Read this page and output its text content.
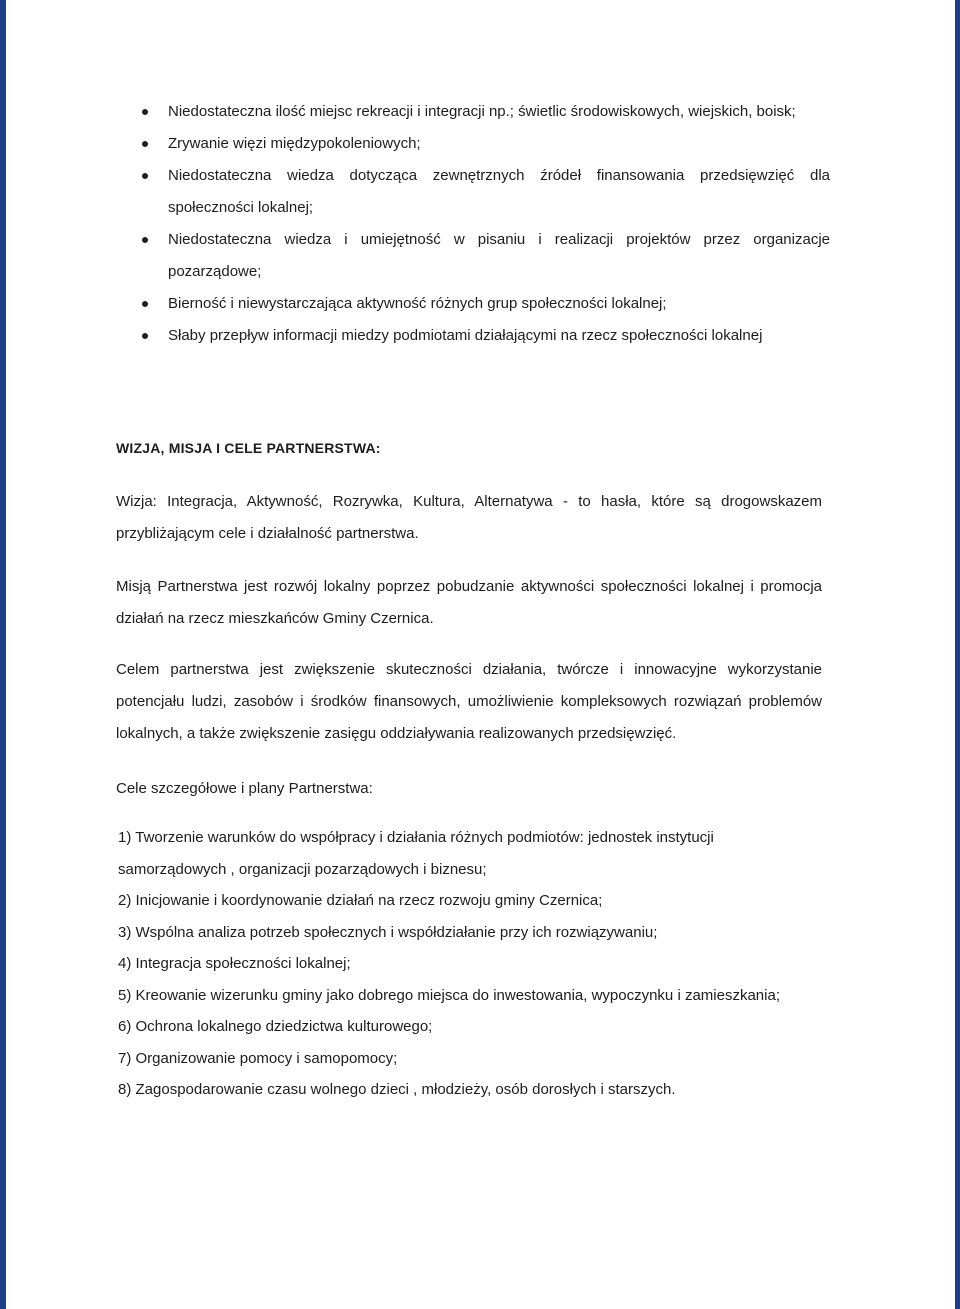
Niedostateczna ilość miejsc rekreacji i integracji np.; świetlic środowiskowych, wiejskich, boisk;
Zrywanie więzi międzypokoleniowych;
Niedostateczna wiedza dotycząca zewnętrznych źródeł finansowania przedsięwzięć dla społeczności lokalnej;
Niedostateczna wiedza i umiejętność w pisaniu i realizacji projektów przez organizacje pozarządowe;
Bierność i niewystarczająca aktywność różnych grup społeczności lokalnej;
Słaby przepływ informacji miedzy podmiotami działającymi na rzecz społeczności lokalnej
WIZJA, MISJA I CELE PARTNERSTWA:

Wizja: Integracja, Aktywność, Rozrywka, Kultura, Alternatywa - to hasła, które są drogowskazem przybliżającym cele i działalność partnerstwa.

Misją Partnerstwa jest rozwój lokalny poprzez pobudzanie aktywności społeczności lokalnej i promocja działań na rzecz mieszkańców Gminy Czernica.

Celem partnerstwa jest zwiększenie skuteczności działania, twórcze i innowacyjne wykorzystanie potencjału ludzi, zasobów i środków finansowych, umożliwienie kompleksowych rozwiązań problemów lokalnych, a także zwiększenie zasięgu oddziaływania realizowanych przedsięwzięć.

Cele szczegółowe i plany Partnerstwa:

1) Tworzenie warunków do współpracy i działania różnych podmiotów: jednostek instytucji samorządowych , organizacji pozarządowych i biznesu;
2) Inicjowanie i koordynowanie działań na rzecz rozwoju gminy Czernica;
3) Wspólna analiza potrzeb społecznych i współdziałanie przy ich rozwiązywaniu;
4) Integracja społeczności lokalnej;
5) Kreowanie wizerunku gminy jako dobrego miejsca do inwestowania, wypoczynku i zamieszkania;
6) Ochrona lokalnego dziedzictwa kulturowego;
7) Organizowanie pomocy i samopomocy;
8) Zagospodarowanie czasu wolnego dzieci , młodzieży, osób dorosłych i starszych.
